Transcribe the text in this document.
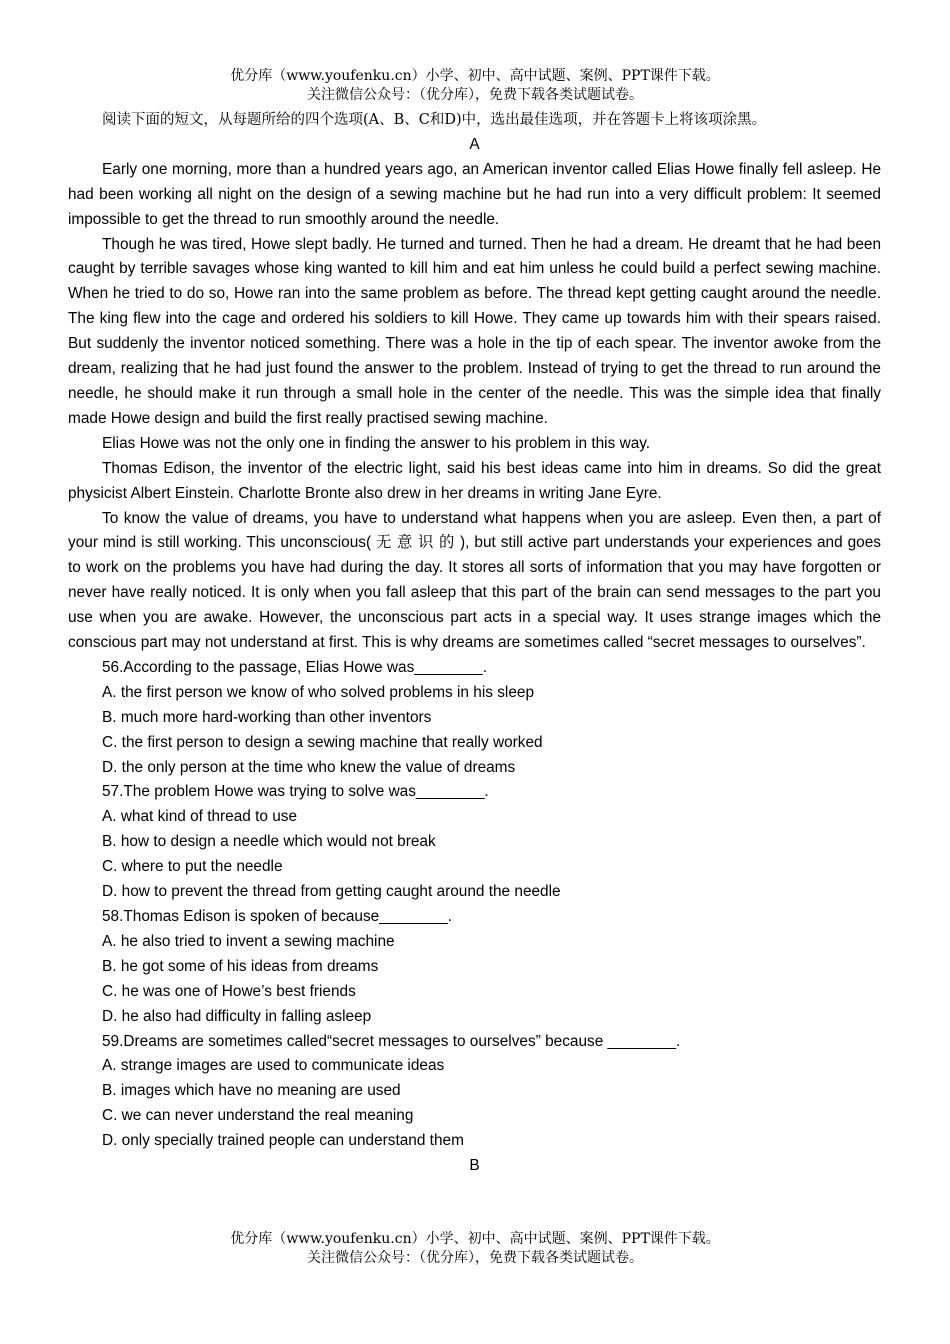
优分库（www.youfenku.cn）小学、初中、高中试题、案例、PPT课件下载。
关注微信公众号：（优分库），免费下载各类试题试卷。

阅读下面的短文，从每题所给的四个选项(A、B、C和D)中，选出最佳选项，并在答题卡上将该项涂黑。

A

Early one morning, more than a hundred years ago, an American inventor called Elias Howe finally fell asleep. He had been working all night on the design of a sewing machine but he had run into a very difficult problem: It seemed impossible to get the thread to run smoothly around the needle.

Though he was tired, Howe slept badly. He turned and turned. Then he had a dream. He dreamt that he had been caught by terrible savages whose king wanted to kill him and eat him unless he could build a perfect sewing machine. When he tried to do so, Howe ran into the same problem as before. The thread kept getting caught around the needle. The king flew into the cage and ordered his soldiers to kill Howe. They came up towards him with their spears raised. But suddenly the inventor noticed something. There was a hole in the tip of each spear. The inventor awoke from the dream, realizing that he had just found the answer to the problem. Instead of trying to get the thread to run around the needle, he should make it run through a small hole in the center of the needle. This was the simple idea that finally made Howe design and build the first really practised sewing machine.

Elias Howe was not the only one in finding the answer to his problem in this way.

Thomas Edison, the inventor of the electric light, said his best ideas came into him in dreams. So did the great physicist Albert Einstein. Charlotte Bronte also drew in her dreams in writing Jane Eyre.

To know the value of dreams, you have to understand what happens when you are asleep. Even then, a part of your mind is still working. This unconscious( 无 意 识 的 ), but still active part understands your experiences and goes to work on the problems you have had during the day. It stores all sorts of information that you may have forgotten or never have really noticed. It is only when you fall asleep that this part of the brain can send messages to the part you use when you are awake. However, the unconscious part acts in a special way. It uses strange images which the conscious part may not understand at first. This is why dreams are sometimes called “secret messages to ourselves”.

56.According to the passage, Elias Howe was________.

A. the first person we know of who solved problems in his sleep

B. much more hard-working than other inventors

C. the first person to design a sewing machine that really worked

D. the only person at the time who knew the value of dreams

57.The problem Howe was trying to solve was________.

A. what kind of thread to use

B. how to design a needle which would not break

C. where to put the needle

D. how to prevent the thread from getting caught around the needle

58.Thomas Edison is spoken of because________.

A. he also tried to invent a sewing machine

B. he got some of his ideas from dreams

C. he was one of Howe’s best friends

D. he also had difficulty in falling asleep

59.Dreams are sometimes called“secret messages to ourselves” because ________.

A. strange images are used to communicate ideas

B. images which have no meaning are used

C. we can never understand the real meaning

D. only specially trained people can understand them

B

优分库（www.youfenku.cn）小学、初中、高中试题、案例、PPT课件下载。
关注微信公众号：（优分库），免费下载各类试题试卷。
